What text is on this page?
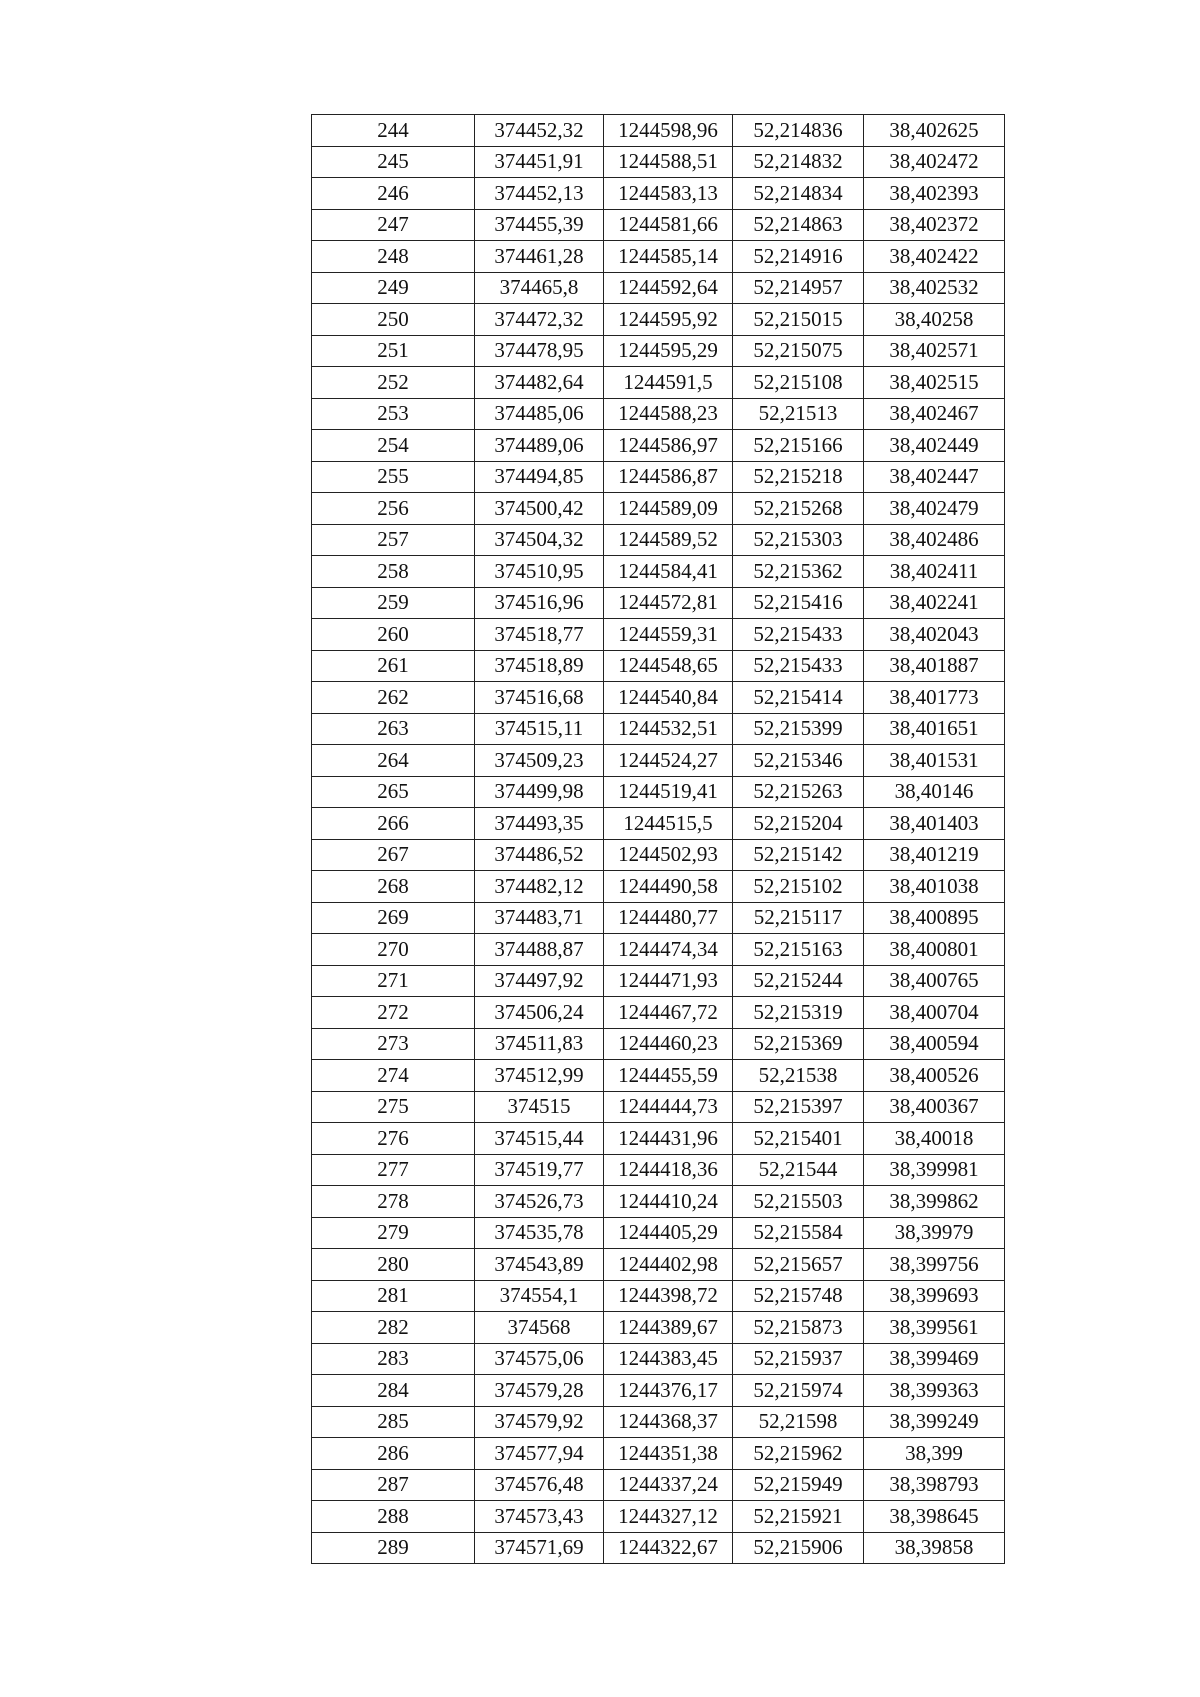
244	374452,32	1244598,96	52,214836	38,402625
245	374451,91	1244588,51	52,214832	38,402472
246	374452,13	1244583,13	52,214834	38,402393
247	374455,39	1244581,66	52,214863	38,402372
248	374461,28	1244585,14	52,214916	38,402422
249	374465,8	1244592,64	52,214957	38,402532
250	374472,32	1244595,92	52,215015	38,40258
251	374478,95	1244595,29	52,215075	38,402571
252	374482,64	1244591,5	52,215108	38,402515
253	374485,06	1244588,23	52,21513	38,402467
254	374489,06	1244586,97	52,215166	38,402449
255	374494,85	1244586,87	52,215218	38,402447
256	374500,42	1244589,09	52,215268	38,402479
257	374504,32	1244589,52	52,215303	38,402486
258	374510,95	1244584,41	52,215362	38,402411
259	374516,96	1244572,81	52,215416	38,402241
260	374518,77	1244559,31	52,215433	38,402043
261	374518,89	1244548,65	52,215433	38,401887
262	374516,68	1244540,84	52,215414	38,401773
263	374515,11	1244532,51	52,215399	38,401651
264	374509,23	1244524,27	52,215346	38,401531
265	374499,98	1244519,41	52,215263	38,40146
266	374493,35	1244515,5	52,215204	38,401403
267	374486,52	1244502,93	52,215142	38,401219
268	374482,12	1244490,58	52,215102	38,401038
269	374483,71	1244480,77	52,215117	38,400895
270	374488,87	1244474,34	52,215163	38,400801
271	374497,92	1244471,93	52,215244	38,400765
272	374506,24	1244467,72	52,215319	38,400704
273	374511,83	1244460,23	52,215369	38,400594
274	374512,99	1244455,59	52,21538	38,400526
275	374515	1244444,73	52,215397	38,400367
276	374515,44	1244431,96	52,215401	38,40018
277	374519,77	1244418,36	52,21544	38,399981
278	374526,73	1244410,24	52,215503	38,399862
279	374535,78	1244405,29	52,215584	38,39979
280	374543,89	1244402,98	52,215657	38,399756
281	374554,1	1244398,72	52,215748	38,399693
282	374568	1244389,67	52,215873	38,399561
283	374575,06	1244383,45	52,215937	38,399469
284	374579,28	1244376,17	52,215974	38,399363
285	374579,92	1244368,37	52,21598	38,399249
286	374577,94	1244351,38	52,215962	38,399
287	374576,48	1244337,24	52,215949	38,398793
288	374573,43	1244327,12	52,215921	38,398645
289	374571,69	1244322,67	52,215906	38,39858
